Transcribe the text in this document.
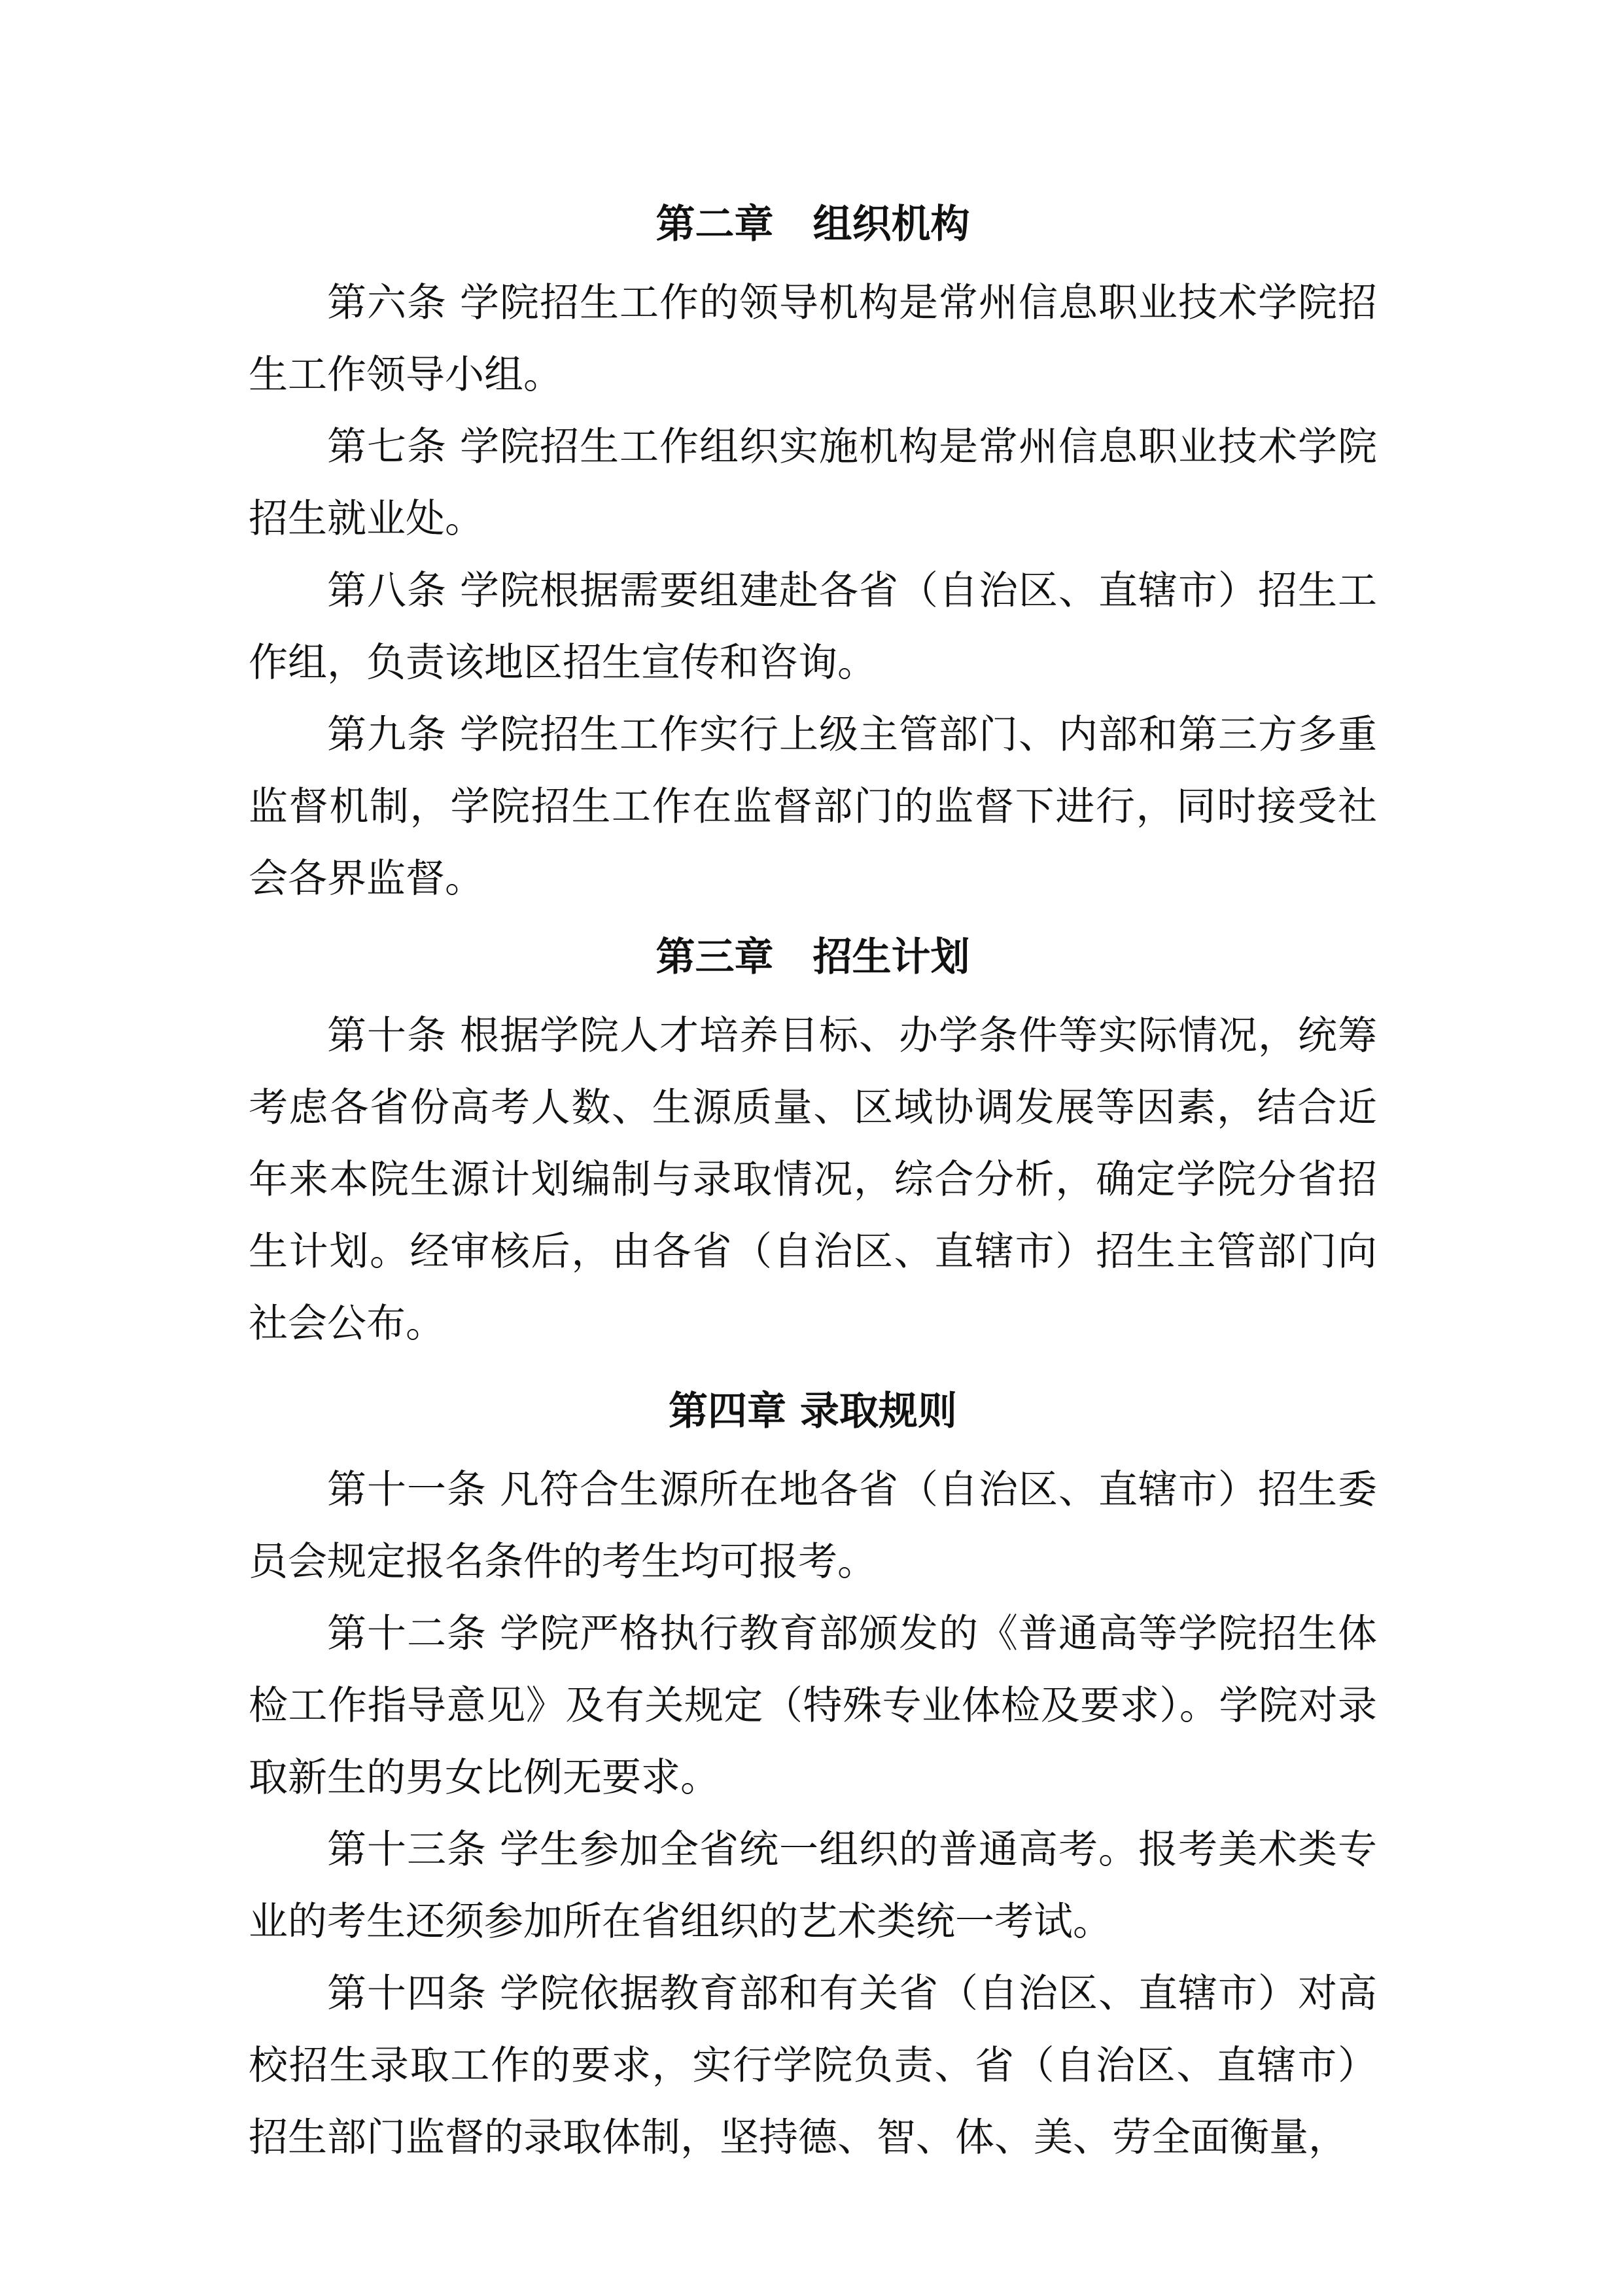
第二章　组织机构

第六条 学院招生工作的领导机构是常州信息职业技术学院招生工作领导小组。

第七条 学院招生工作组织实施机构是常州信息职业技术学院招生就业处。

第八条 学院根据需要组建赴各省（自治区、直辖市）招生工作组，负责该地区招生宣传和咨询。

第九条 学院招生工作实行上级主管部门、内部和第三方多重监督机制，学院招生工作在监督部门的监督下进行，同时接受社会各界监督。

第三章　招生计划

第十条 根据学院人才培养目标、办学条件等实际情况，统筹考虑各省份高考人数、生源质量、区域协调发展等因素，结合近年来本院生源计划编制与录取情况，综合分析，确定学院分省招生计划。经审核后，由各省（自治区、直辖市）招生主管部门向社会公布。

第四章 录取规则

第十一条 凡符合生源所在地各省（自治区、直辖市）招生委员会规定报名条件的考生均可报考。

第十二条 学院严格执行教育部颁发的《普通高等学院招生体检工作指导意见》及有关规定（特殊专业体检及要求）。学院对录取新生的男女比例无要求。

第十三条 学生参加全省统一组织的普通高考。报考美术类专业的考生还须参加所在省组织的艺术类统一考试。

第十四条 学院依据教育部和有关省（自治区、直辖市）对高校招生录取工作的要求，实行学院负责、省（自治区、直辖市）招生部门监督的录取体制，坚持德、智、体、美、劳全面衡量，
